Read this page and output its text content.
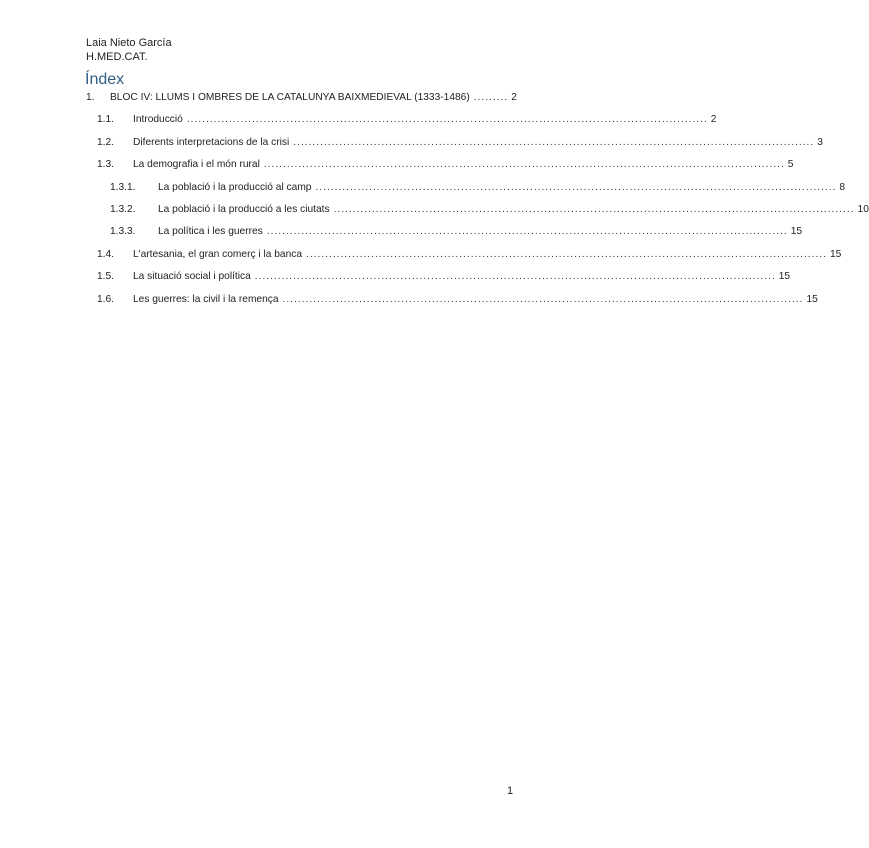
Laia Nieto García
H.MED.CAT.
Índex
1.	BLOC IV: LLUMS I OMBRES DE LA CATALUNYA BAIXMEDIEVAL (1333-1486) ......... 2
1.1.	Introducció ........................................................................................................................................ 2
1.2.	Diferents interpretacions de la crisi ........................................................................................................................................ 3
1.3.	La demografia i el món rural ........................................................................................................................................ 5
1.3.1.	La població i la producció al camp ........................................................................................................................................ 8
1.3.2.	La població i la producció a les ciutats ........................................................................................................................................ 10
1.3.3.	La política i les guerres ........................................................................................................................................ 15
1.4.	L'artesania, el gran comerç i la banca ........................................................................................................................................ 15
1.5.	La situació social i política ........................................................................................................................................ 15
1.6.	Les guerres: la civil i la remença ........................................................................................................................................ 15
1
